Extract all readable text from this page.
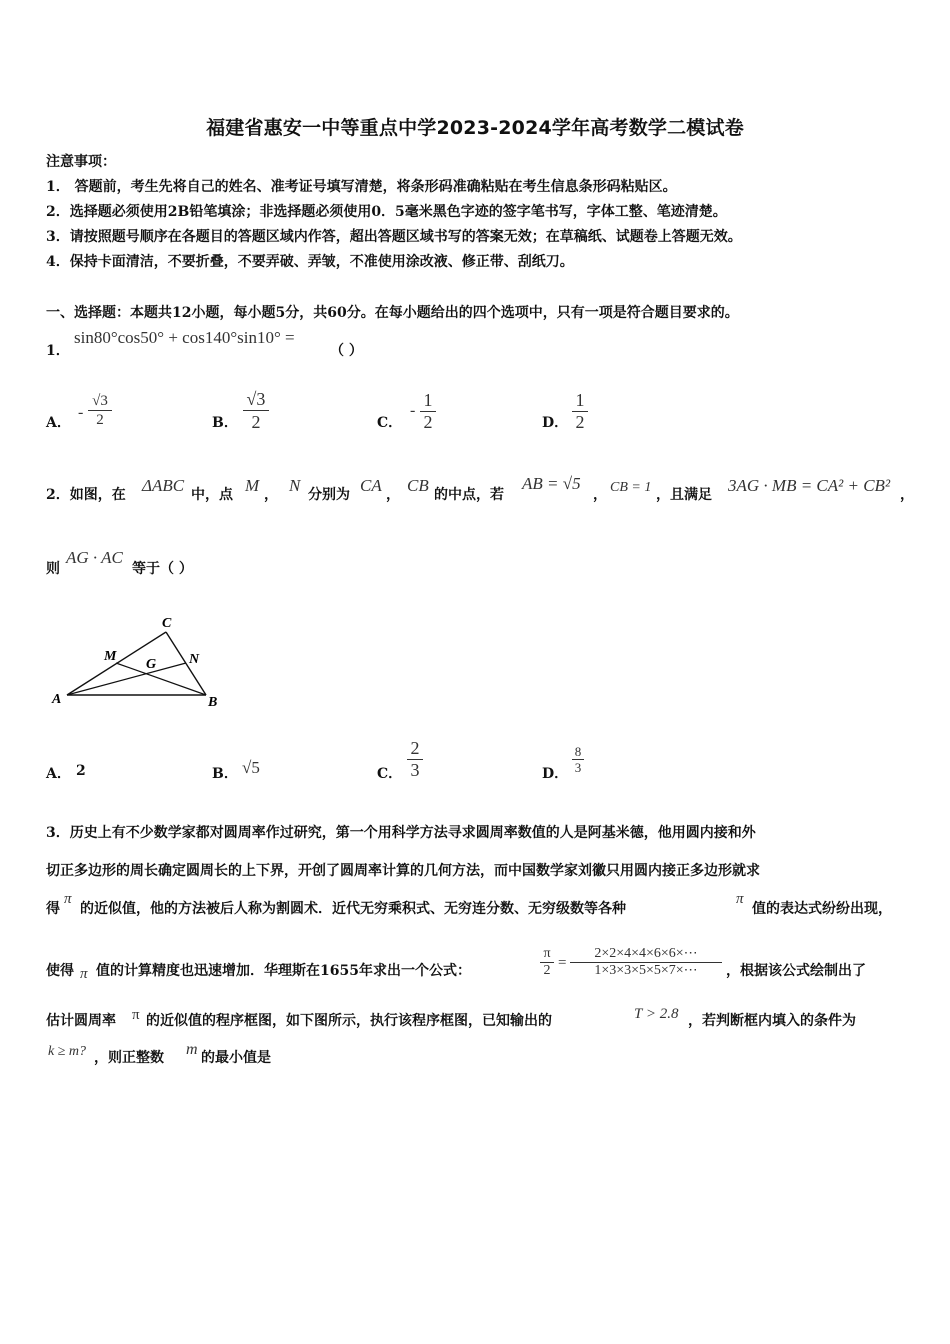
福建省惠安一中等重点中学2023-2024学年高考数学二模试卷
注意事项：
1． 答题前，考生先将自己的姓名、准考证号填写清楚，将条形码准确粘贴在考生信息条形码粘贴区。
2．选择题必须使用2B铅笔填涂；非选择题必须使用0．5毫米黑色字迹的签字笔书写，字体工整、笔迹清楚。
3．请按照题号顺序在各题目的答题区域内作答，超出答题区域书写的答案无效；在草稿纸、试题卷上答题无效。
4．保持卡面清洁，不要折叠，不要弄破、弄皱，不准使用涂改液、修正带、刮纸刀。
一、选择题：本题共12小题，每小题5分，共60分。在每小题给出的四个选项中，只有一项是符合题目要求的。
1．
sin80°cos50° + cos140°sin10° =
（ ）
A．
-
√3
2	B．
√3
2	C．
-
1
2	D．
1
2
2．如图，在 ΔABC 中，点 M ， N 分别为 CA ， CB 的中点，若
AB = √5
， CB = 1 ，且满足 3AG · MB = CA² + CB² ，
则
AG · AC
等于（ ）
C
M
G N
A	B
A． 2	B． √5	C．
2
3	D．
8
3
3．历史上有不少数学家都对圆周率作过研究，第一个用科学方法寻求圆周率数值的人是阿基米德，他用圆内接和外
切正多边形的周长确定圆周长的上下界，开创了圆周率计算的几何方法，而中国数学家刘徽只用圆内接正多边形就求
得
π
的近似值，他的方法被后人称为割圆术．近代无穷乘积式、无穷连分数、无穷级数等各种
π
值的表达式纷纷出现，
使得 π 值的计算精度也迅速增加．华理斯在1655年求出一个公式：
π
2 =
2×2×4×4×6×6×⋯
1×3×3×5×5×7×⋯	，根据该公式绘制出了
估计圆周率 π 的近似值的程序框图，如下图所示，执行该程序框图，已知输出的	T > 2.8 ，若判断框内填入的条件为
k ≥ m? ，则正整数 m 的最小值是
